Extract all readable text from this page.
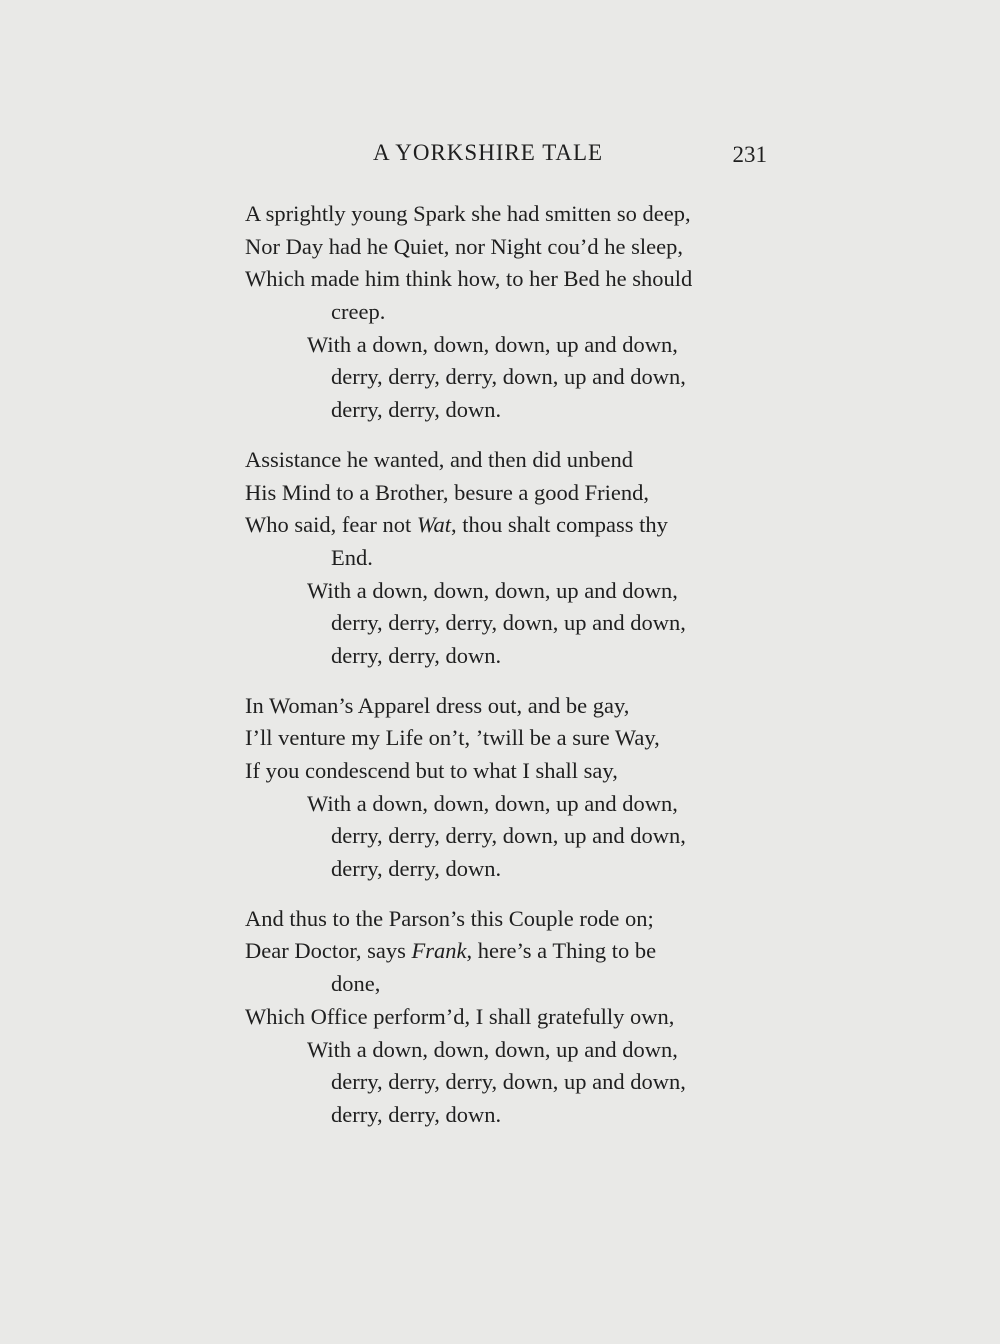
A YORKSHIRE TALE	231
A sprightly young Spark she had smitten so deep,
Nor Day had he Quiet, nor Night cou’d he sleep,
Which made him think how, to her Bed he should
creep.
With a down, down, down, up and down,
derry, derry, derry, down, up and down,
derry, derry, down.
Assistance he wanted, and then did unbend
His Mind to a Brother, besure a good Friend,
Who said, fear not Wat, thou shalt compass thy
End.
With a down, down, down, up and down,
derry, derry, derry, down, up and down,
derry, derry, down.
In Woman’s Apparel dress out, and be gay,
I’ll venture my Life on’t, ’twill be a sure Way,
If you condescend but to what I shall say,
With a down, down, down, up and down,
derry, derry, derry, down, up and down,
derry, derry, down.
And thus to the Parson’s this Couple rode on;
Dear Doctor, says Frank, here’s a Thing to be
done,
Which Office perform’d, I shall gratefully own,
With a down, down, down, up and down,
derry, derry, derry, down, up and down,
derry, derry, down.
